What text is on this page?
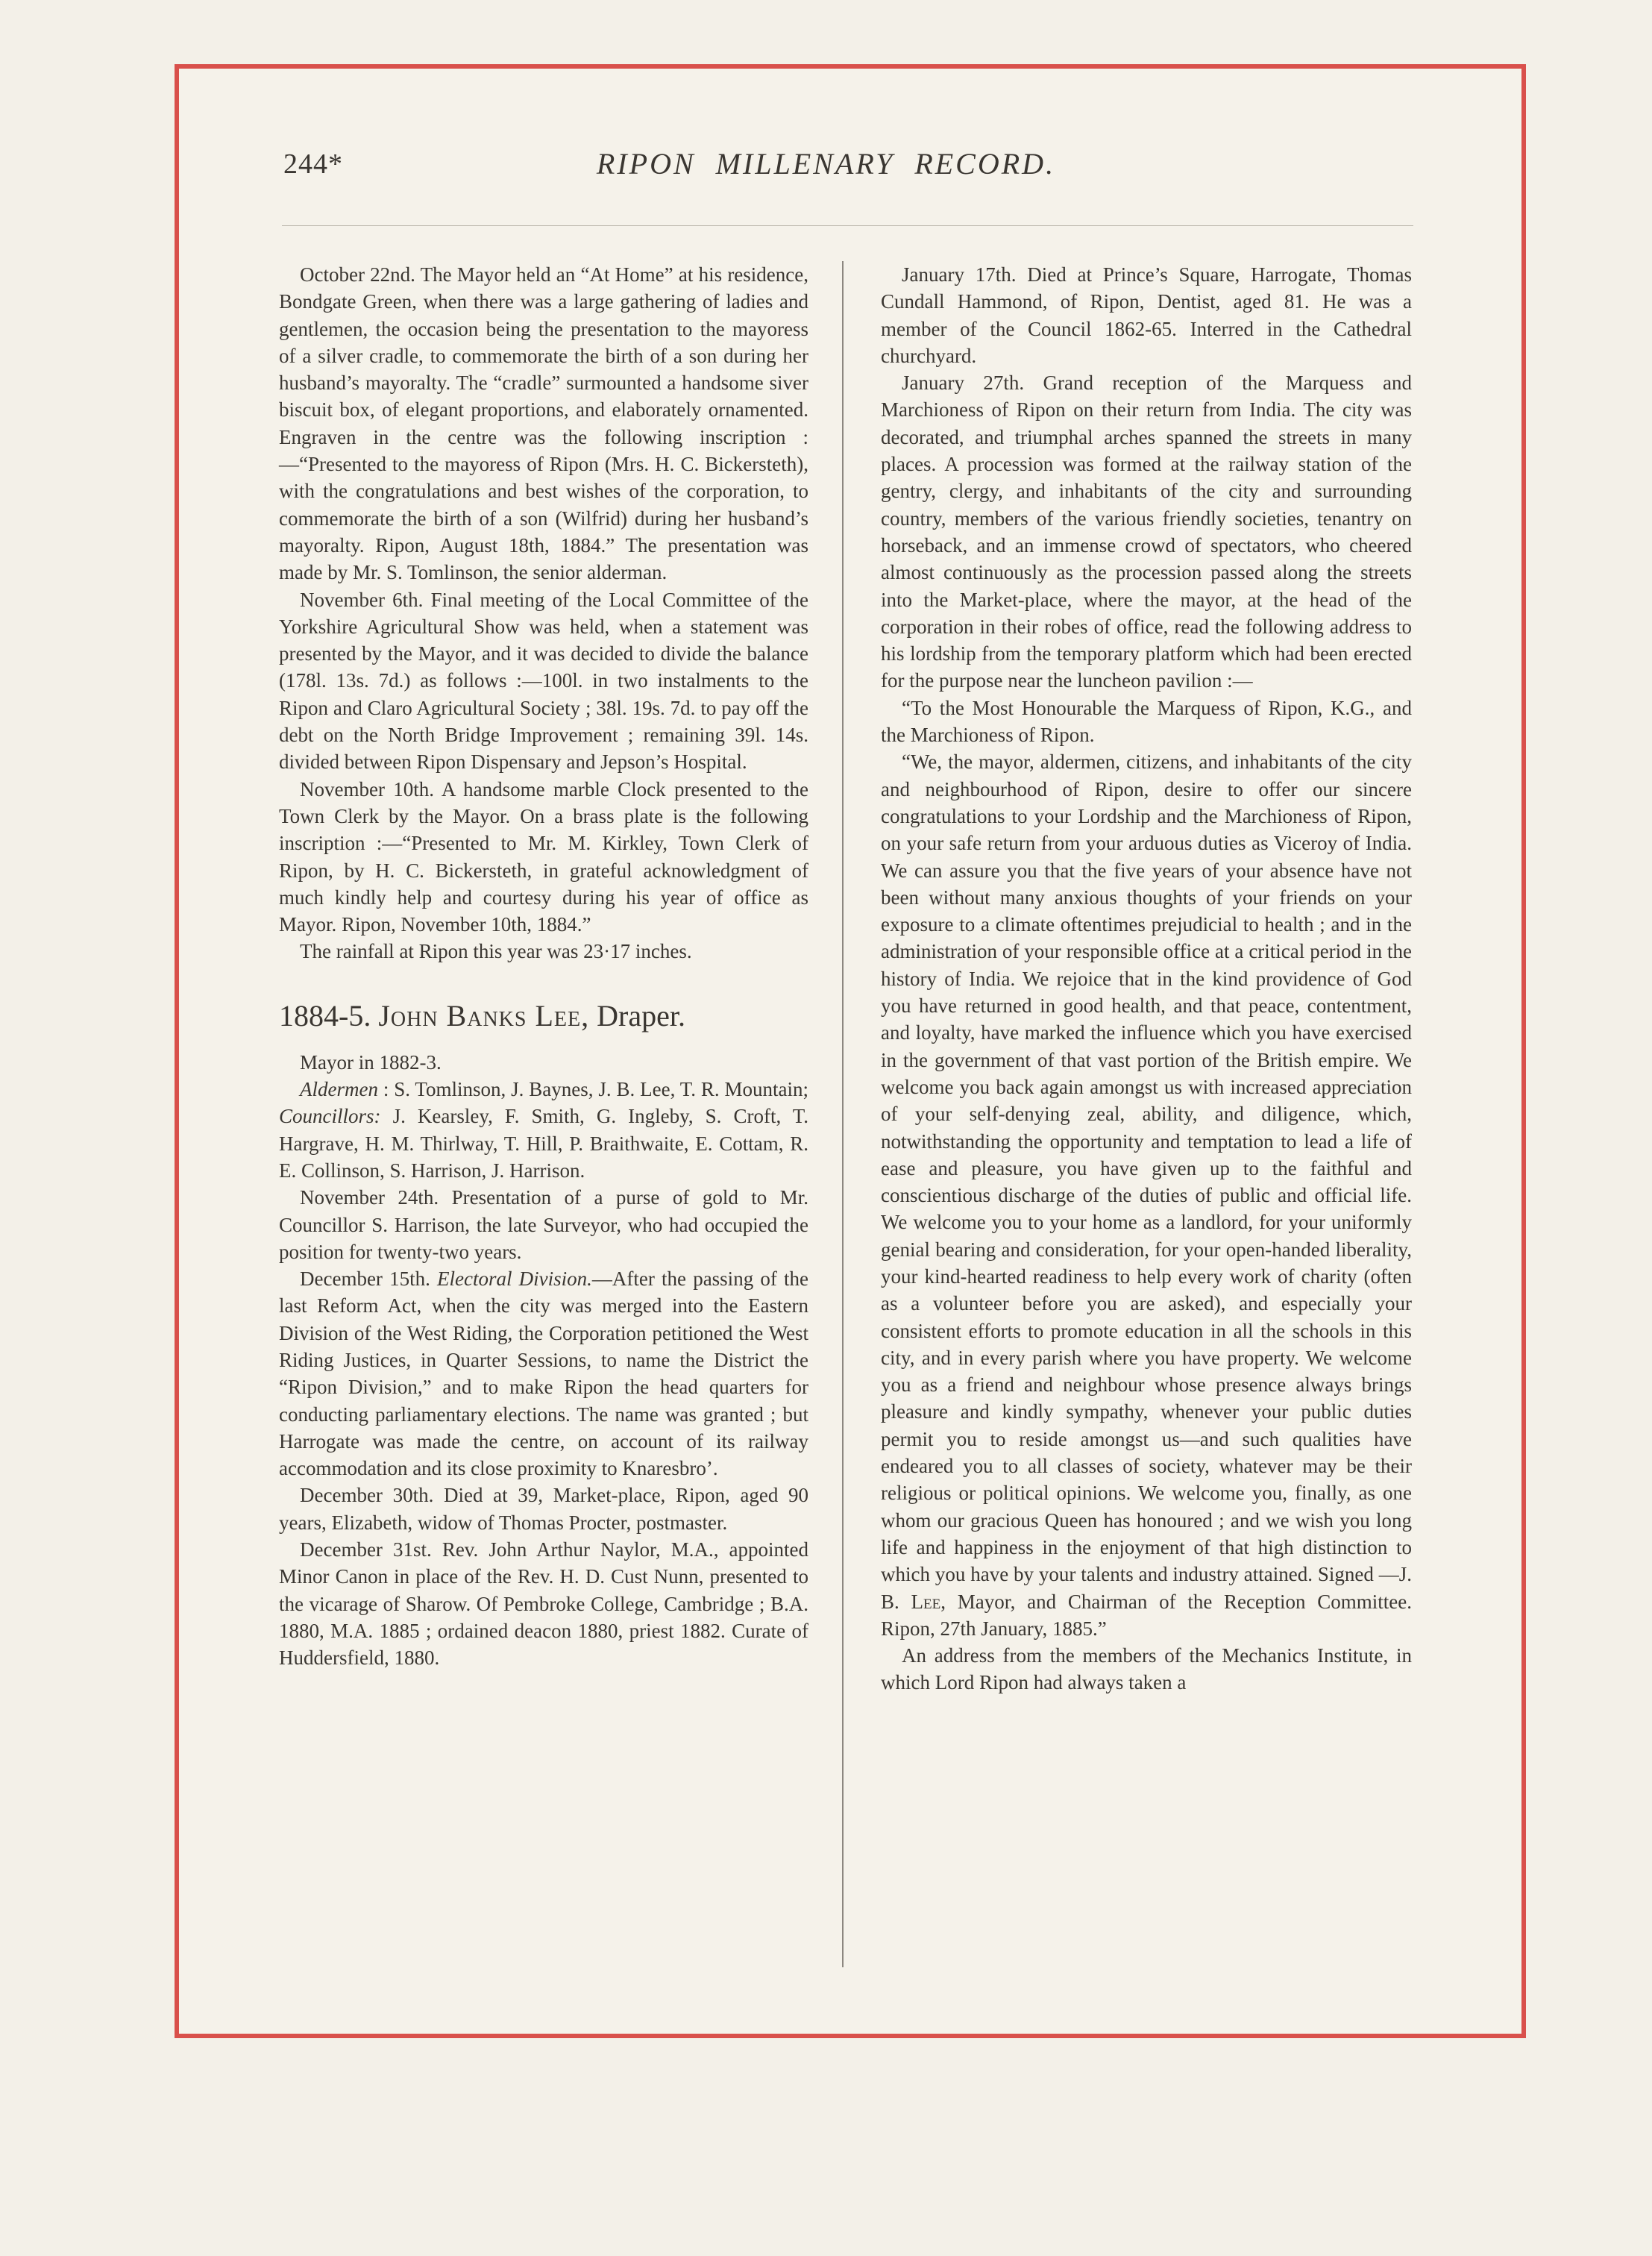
244*	RIPON MILLENARY RECORD.

October 22nd. The Mayor held an “At Home” at his residence, Bondgate Green, when there was a large gathering of ladies and gentlemen, the occasion being the presentation to the mayoress of a silver cradle, to commemorate the birth of a son during her husband’s mayoralty. The “cradle” surmounted a handsome siver biscuit box, of elegant proportions, and elaborately ornamented. Engraven in the centre was the following inscription :—“Presented to the mayoress of Ripon (Mrs. H. C. Bickersteth), with the congratulations and best wishes of the corporation, to commemorate the birth of a son (Wilfrid) during her husband’s mayoralty. Ripon, August 18th, 1884.” The presentation was made by Mr. S. Tomlinson, the senior alderman.

November 6th. Final meeting of the Local Committee of the Yorkshire Agricultural Show was held, when a statement was presented by the Mayor, and it was decided to divide the balance (178l. 13s. 7d.) as follows :—100l. in two instalments to the Ripon and Claro Agricultural Society ; 38l. 19s. 7d. to pay off the debt on the North Bridge Improvement ; remaining 39l. 14s. divided between Ripon Dispensary and Jepson’s Hospital.

November 10th. A handsome marble Clock presented to the Town Clerk by the Mayor. On a brass plate is the following inscription :—“Presented to Mr. M. Kirkley, Town Clerk of Ripon, by H. C. Bickersteth, in grateful acknowledgment of much kindly help and courtesy during his year of office as Mayor. Ripon, November 10th, 1884.”

The rainfall at Ripon this year was 23·17 inches.

1884-5. John Banks Lee, Draper.

Mayor in 1882-3.

Aldermen : S. Tomlinson, J. Baynes, J. B. Lee, T. R. Mountain; Councillors: J. Kearsley, F. Smith, G. Ingleby, S. Croft, T. Hargrave, H. M. Thirlway, T. Hill, P. Braithwaite, E. Cottam, R. E. Collinson, S. Harrison, J. Harrison.

November 24th. Presentation of a purse of gold to Mr. Councillor S. Harrison, the late Surveyor, who had occupied the position for twenty-two years.

December 15th. Electoral Division.—After the passing of the last Reform Act, when the city was merged into the Eastern Division of the West Riding, the Corporation petitioned the West Riding Justices, in Quarter Sessions, to name the District the “Ripon Division,” and to make Ripon the head quarters for conducting parliamentary elections. The name was granted ; but Harrogate was made the centre, on account of its railway accommodation and its close proximity to Knaresbro’.

December 30th. Died at 39, Market-place, Ripon, aged 90 years, Elizabeth, widow of Thomas Procter, postmaster.

December 31st. Rev. John Arthur Naylor, M.A., appointed Minor Canon in place of the Rev. H. D. Cust Nunn, presented to the vicarage of Sharow. Of Pembroke College, Cambridge ; B.A. 1880, M.A. 1885 ; ordained deacon 1880, priest 1882. Curate of Huddersfield, 1880.

January 17th. Died at Prince’s Square, Harrogate, Thomas Cundall Hammond, of Ripon, Dentist, aged 81. He was a member of the Council 1862-65. Interred in the Cathedral churchyard.

January 27th. Grand reception of the Marquess and Marchioness of Ripon on their return from India. The city was decorated, and triumphal arches spanned the streets in many places. A procession was formed at the railway station of the gentry, clergy, and inhabitants of the city and surrounding country, members of the various friendly societies, tenantry on horseback, and an immense crowd of spectators, who cheered almost continuously as the procession passed along the streets into the Market-place, where the mayor, at the head of the corporation in their robes of office, read the following address to his lordship from the temporary platform which had been erected for the purpose near the luncheon pavilion :—

“To the Most Honourable the Marquess of Ripon, K.G., and the Marchioness of Ripon.

“We, the mayor, aldermen, citizens, and inhabitants of the city and neighbourhood of Ripon, desire to offer our sincere congratulations to your Lordship and the Marchioness of Ripon, on your safe return from your arduous duties as Viceroy of India. We can assure you that the five years of your absence have not been without many anxious thoughts of your friends on your exposure to a climate oftentimes prejudicial to health ; and in the administration of your responsible office at a critical period in the history of India. We rejoice that in the kind providence of God you have returned in good health, and that peace, contentment, and loyalty, have marked the influence which you have exercised in the government of that vast portion of the British empire. We welcome you back again amongst us with increased appreciation of your self-denying zeal, ability, and diligence, which, notwithstanding the opportunity and temptation to lead a life of ease and pleasure, you have given up to the faithful and conscientious discharge of the duties of public and official life. We welcome you to your home as a landlord, for your uniformly genial bearing and consideration, for your open-handed liberality, your kind-hearted readiness to help every work of charity (often as a volunteer before you are asked), and especially your consistent efforts to promote education in all the schools in this city, and in every parish where you have property. We welcome you as a friend and neighbour whose presence always brings pleasure and kindly sympathy, whenever your public duties permit you to reside amongst us—and such qualities have endeared you to all classes of society, whatever may be their religious or political opinions. We welcome you, finally, as one whom our gracious Queen has honoured ; and we wish you long life and happiness in the enjoyment of that high distinction to which you have by your talents and industry attained. Signed —J. B. Lee, Mayor, and Chairman of the Reception Committee. Ripon, 27th January, 1885.”

An address from the members of the Mechanics Institute, in which Lord Ripon had always taken a
